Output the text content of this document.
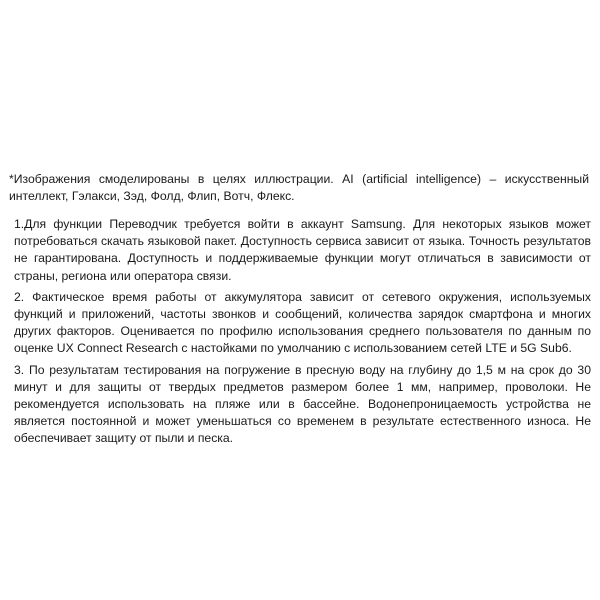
*Изображения смоделированы в целях иллюстрации. AI (artificial intelligence) – искусственный интеллект, Гэлакси, Зэд, Фолд, Флип, Вотч, Флекс.

1.Для функции Переводчик требуется войти в аккаунт Samsung. Для некоторых языков может потребоваться скачать языковой пакет. Доступность сервиса зависит от языка. Точность результатов не гарантирована. Доступность и поддерживаемые функции могут отличаться в зависимости от страны, региона или оператора связи.
2. Фактическое время работы от аккумулятора зависит от сетевого окружения, используемых функций и приложений, частоты звонков и сообщений, количества зарядок смартфона и многих других факторов. Оценивается по профилю использования среднего пользователя по данным по оценке UX Connect Research с настойками по умолчанию с использованием сетей LTE и 5G Sub6.
3. По результатам тестирования на погружение в пресную воду на глубину до 1,5 м на срок до 30 минут и для защиты от твердых предметов размером более 1 мм, например, проволоки. Не рекомендуется использовать на пляже или в бассейне. Водонепроницаемость устройства не является постоянной и может уменьшаться со временем в результате естественного износа. Не обеспечивает защиту от пыли и песка.
